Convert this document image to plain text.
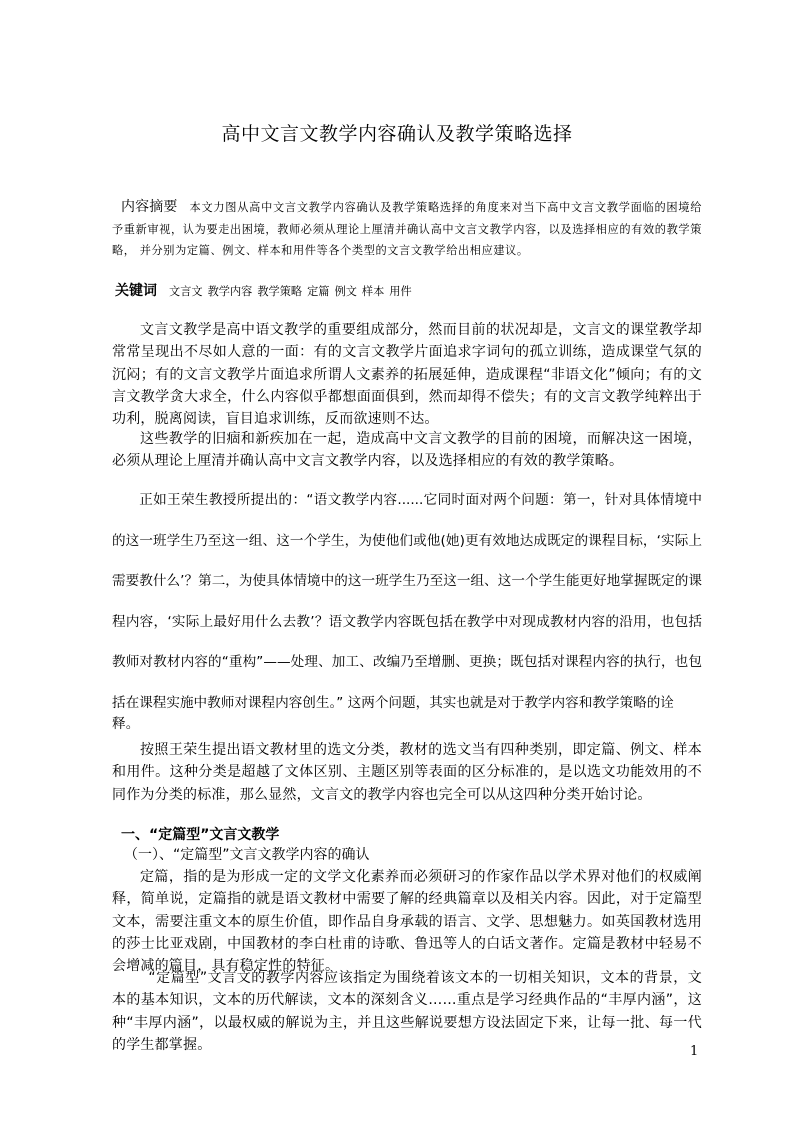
高中文言文教学内容确认及教学策略选择

内容摘要 本文力图从高中文言文教学内容确认及教学策略选择的角度来对当下高中文言文教学面临的困境给予重新审视，认为要走出困境，教师必须从理论上厘清并确认高中文言文教学内容，以及选择相应的有效的教学策略， 并分别为定篇、例文、样本和用件等各个类型的文言文教学给出相应建议。

关键词 文言文 教学内容 教学策略 定篇 例文 样本 用件

文言文教学是高中语文教学的重要组成部分，然而目前的状况却是，文言文的课堂教学却常常呈现出不尽如人意的一面：有的文言文教学片面追求字词句的孤立训练，造成课堂气氛的沉闷；有的文言文教学片面追求所谓人文素养的拓展延伸，造成课程“非语文化”倾向；有的文言文教学贪大求全，什么内容似乎都想面面俱到，然而却得不偿失；有的文言文教学纯粹出于功利，脱离阅读，盲目追求训练，反而欲速则不达。

这些教学的旧痼和新疾加在一起，造成高中文言文教学的目前的困境，而解决这一困境，必须从理论上厘清并确认高中文言文教学内容，以及选择相应的有效的教学策略。

正如王荣生教授所提出的：“语文教学内容......它同时面对两个问题：第一，针对具体情境中的这一班学生乃至这一组、这一个学生，为使他们或他(她)更有效地达成既定的课程目标，‘实际上需要教什么’？第二，为使具体情境中的这一班学生乃至这一组、这一个学生能更好地掌握既定的课程内容，‘实际上最好用什么去教’？语文教学内容既包括在教学中对现成教材内容的沿用，也包括教师对教材内容的“重构”——处理、加工、改编乃至增删、更换；既包括对课程内容的执行，也包括在课程实施中教师对课程内容创生。” 这两个问题，其实也就是对于教学内容和教学策略的诠

释。

按照王荣生提出语文教材里的选文分类，教材的选文当有四种类别，即定篇、例文、样本和用件。这种分类是超越了文体区别、主题区别等表面的区分标准的，是以选文功能效用的不同作为分类的标准，那么显然，文言文的教学内容也完全可以从这四种分类开始讨论。

一、“定篇型”文言文教学

（一）、“定篇型”文言文教学内容的确认

定篇，指的是为形成一定的文学文化素养而必须研习的作家作品以学术界对他们的权威阐释，简单说，定篇指的就是语文教材中需要了解的经典篇章以及相关内容。因此，对于定篇型文本，需要注重文本的原生价值，即作品自身承载的语言、文学、思想魅力。如英国教材选用的莎士比亚戏剧，中国教材的李白杜甫的诗歌、鲁迅等人的白话文著作。定篇是教材中轻易不会增减的篇目，具有稳定性的特征。

“定篇型”文言文的教学内容应该指定为围绕着该文本的一切相关知识，文本的背景，文本的基本知识，文本的历代解读，文本的深刻含义……重点是学习经典作品的“丰厚内涵”，这种“丰厚内涵”，以最权威的解说为主，并且这些解说要想方设法固定下来，让每一批、每一代的学生都掌握。	1
